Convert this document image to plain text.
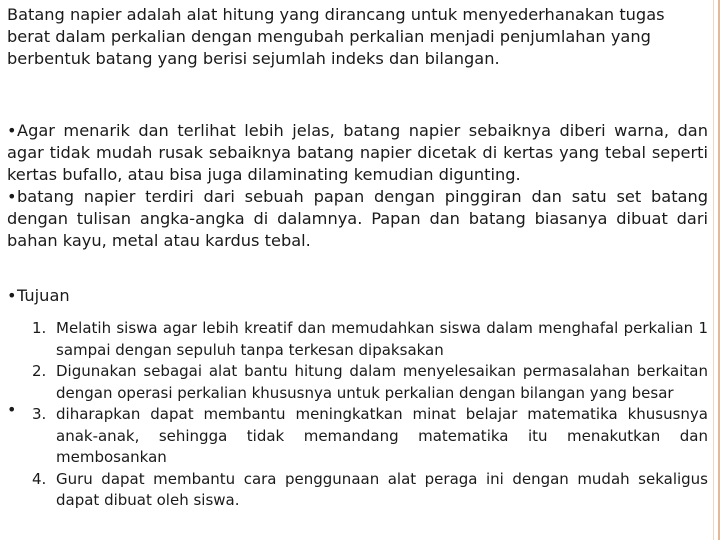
Batang napier adalah alat hitung yang dirancang untuk menyederhanakan tugas berat dalam perkalian dengan mengubah perkalian menjadi penjumlahan yang berbentuk batang yang berisi sejumlah indeks dan bilangan.

•Agar menarik dan terlihat lebih jelas, batang napier sebaiknya diberi warna, dan agar tidak mudah rusak sebaiknya batang napier dicetak di kertas yang tebal seperti kertas bufallo, atau bisa juga dilaminating kemudian digunting.
•batang napier terdiri dari sebuah papan dengan pinggiran dan satu set batang dengan tulisan angka-angka di dalamnya. Papan dan batang biasanya dibuat dari bahan kayu, metal atau kardus tebal.
•Tujuan
•
1. Melatih siswa agar lebih kreatif dan memudahkan siswa dalam menghafal perkalian 1 sampai dengan sepuluh tanpa terkesan dipaksakan
2. Digunakan sebagai alat bantu hitung dalam menyelesaikan permasalahan berkaitan dengan operasi perkalian khususnya untuk perkalian dengan bilangan yang besar
3. diharapkan dapat membantu meningkatkan minat belajar matematika khususnya anak-anak, sehingga tidak memandang matematika itu menakutkan dan membosankan
4. Guru dapat membantu cara penggunaan alat peraga ini dengan mudah sekaligus dapat dibuat oleh siswa.
